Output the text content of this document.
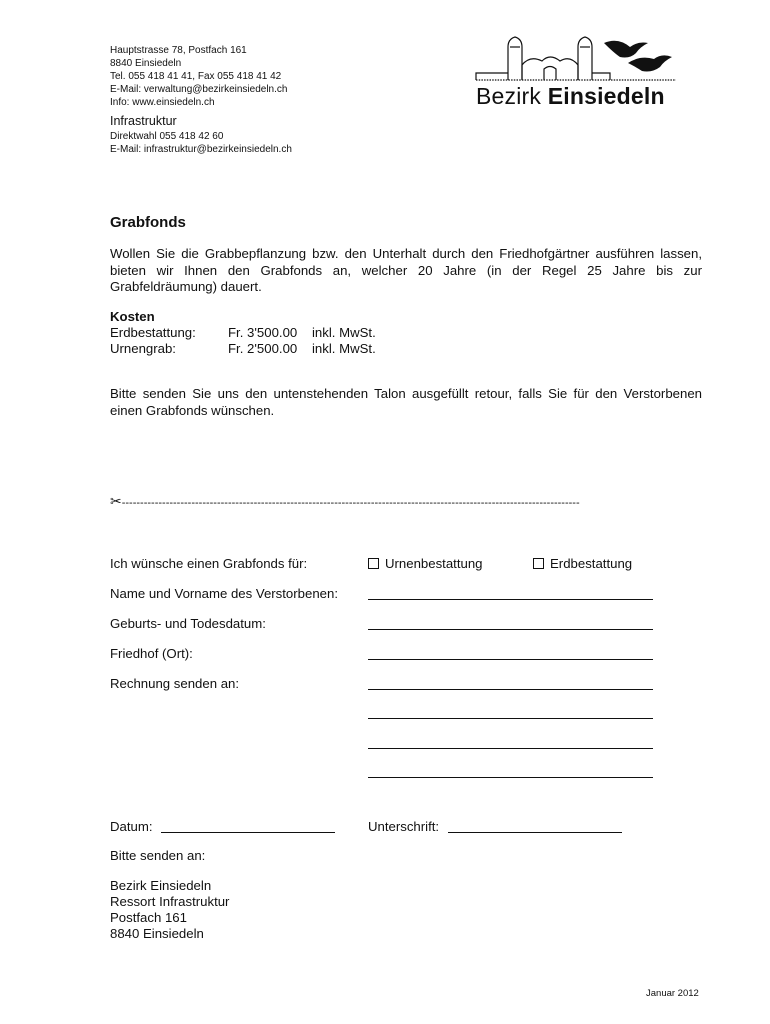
Hauptstrasse 78, Postfach 161
8840 Einsiedeln
Tel. 055 418 41 41, Fax 055 418 41 42
E-Mail: verwaltung@bezirkeinsiedeln.ch
Info: www.einsiedeln.ch
Infrastruktur
Direktwahl 055 418 42 60
E-Mail: infrastruktur@bezirkeinsiedeln.ch
Bezirk Einsiedeln
Grabfonds

Wollen Sie die Grabbepflanzung bzw. den Unterhalt durch den Friedhofgärtner ausführen lassen, bieten wir Ihnen den Grabfonds an, welcher 20 Jahre (in der Regel 25 Jahre bis zur Grabfeldräumung) dauert.

Kosten
Erdbestattung:	Fr. 3'500.00	inkl. MwSt.
Urnengrab:	Fr. 2'500.00	inkl. MwSt.

Bitte senden Sie uns den untenstehenden Talon ausgefüllt retour, falls Sie für den Verstorbenen einen Grabfonds wünschen.

✂-----------------------------------------------------------------------------------------------------------------------------
Ich wünsche einen Grabfonds für:	Urnenbestattung	Erdbestattung
Name und Vorname des Verstorbenen:
Geburts- und Todesdatum:
Friedhof (Ort):
Rechnung senden an:
Datum:	Unterschrift:
Bitte senden an:
Bezirk Einsiedeln
Ressort Infrastruktur
Postfach 161
8840 Einsiedeln
Januar 2012
